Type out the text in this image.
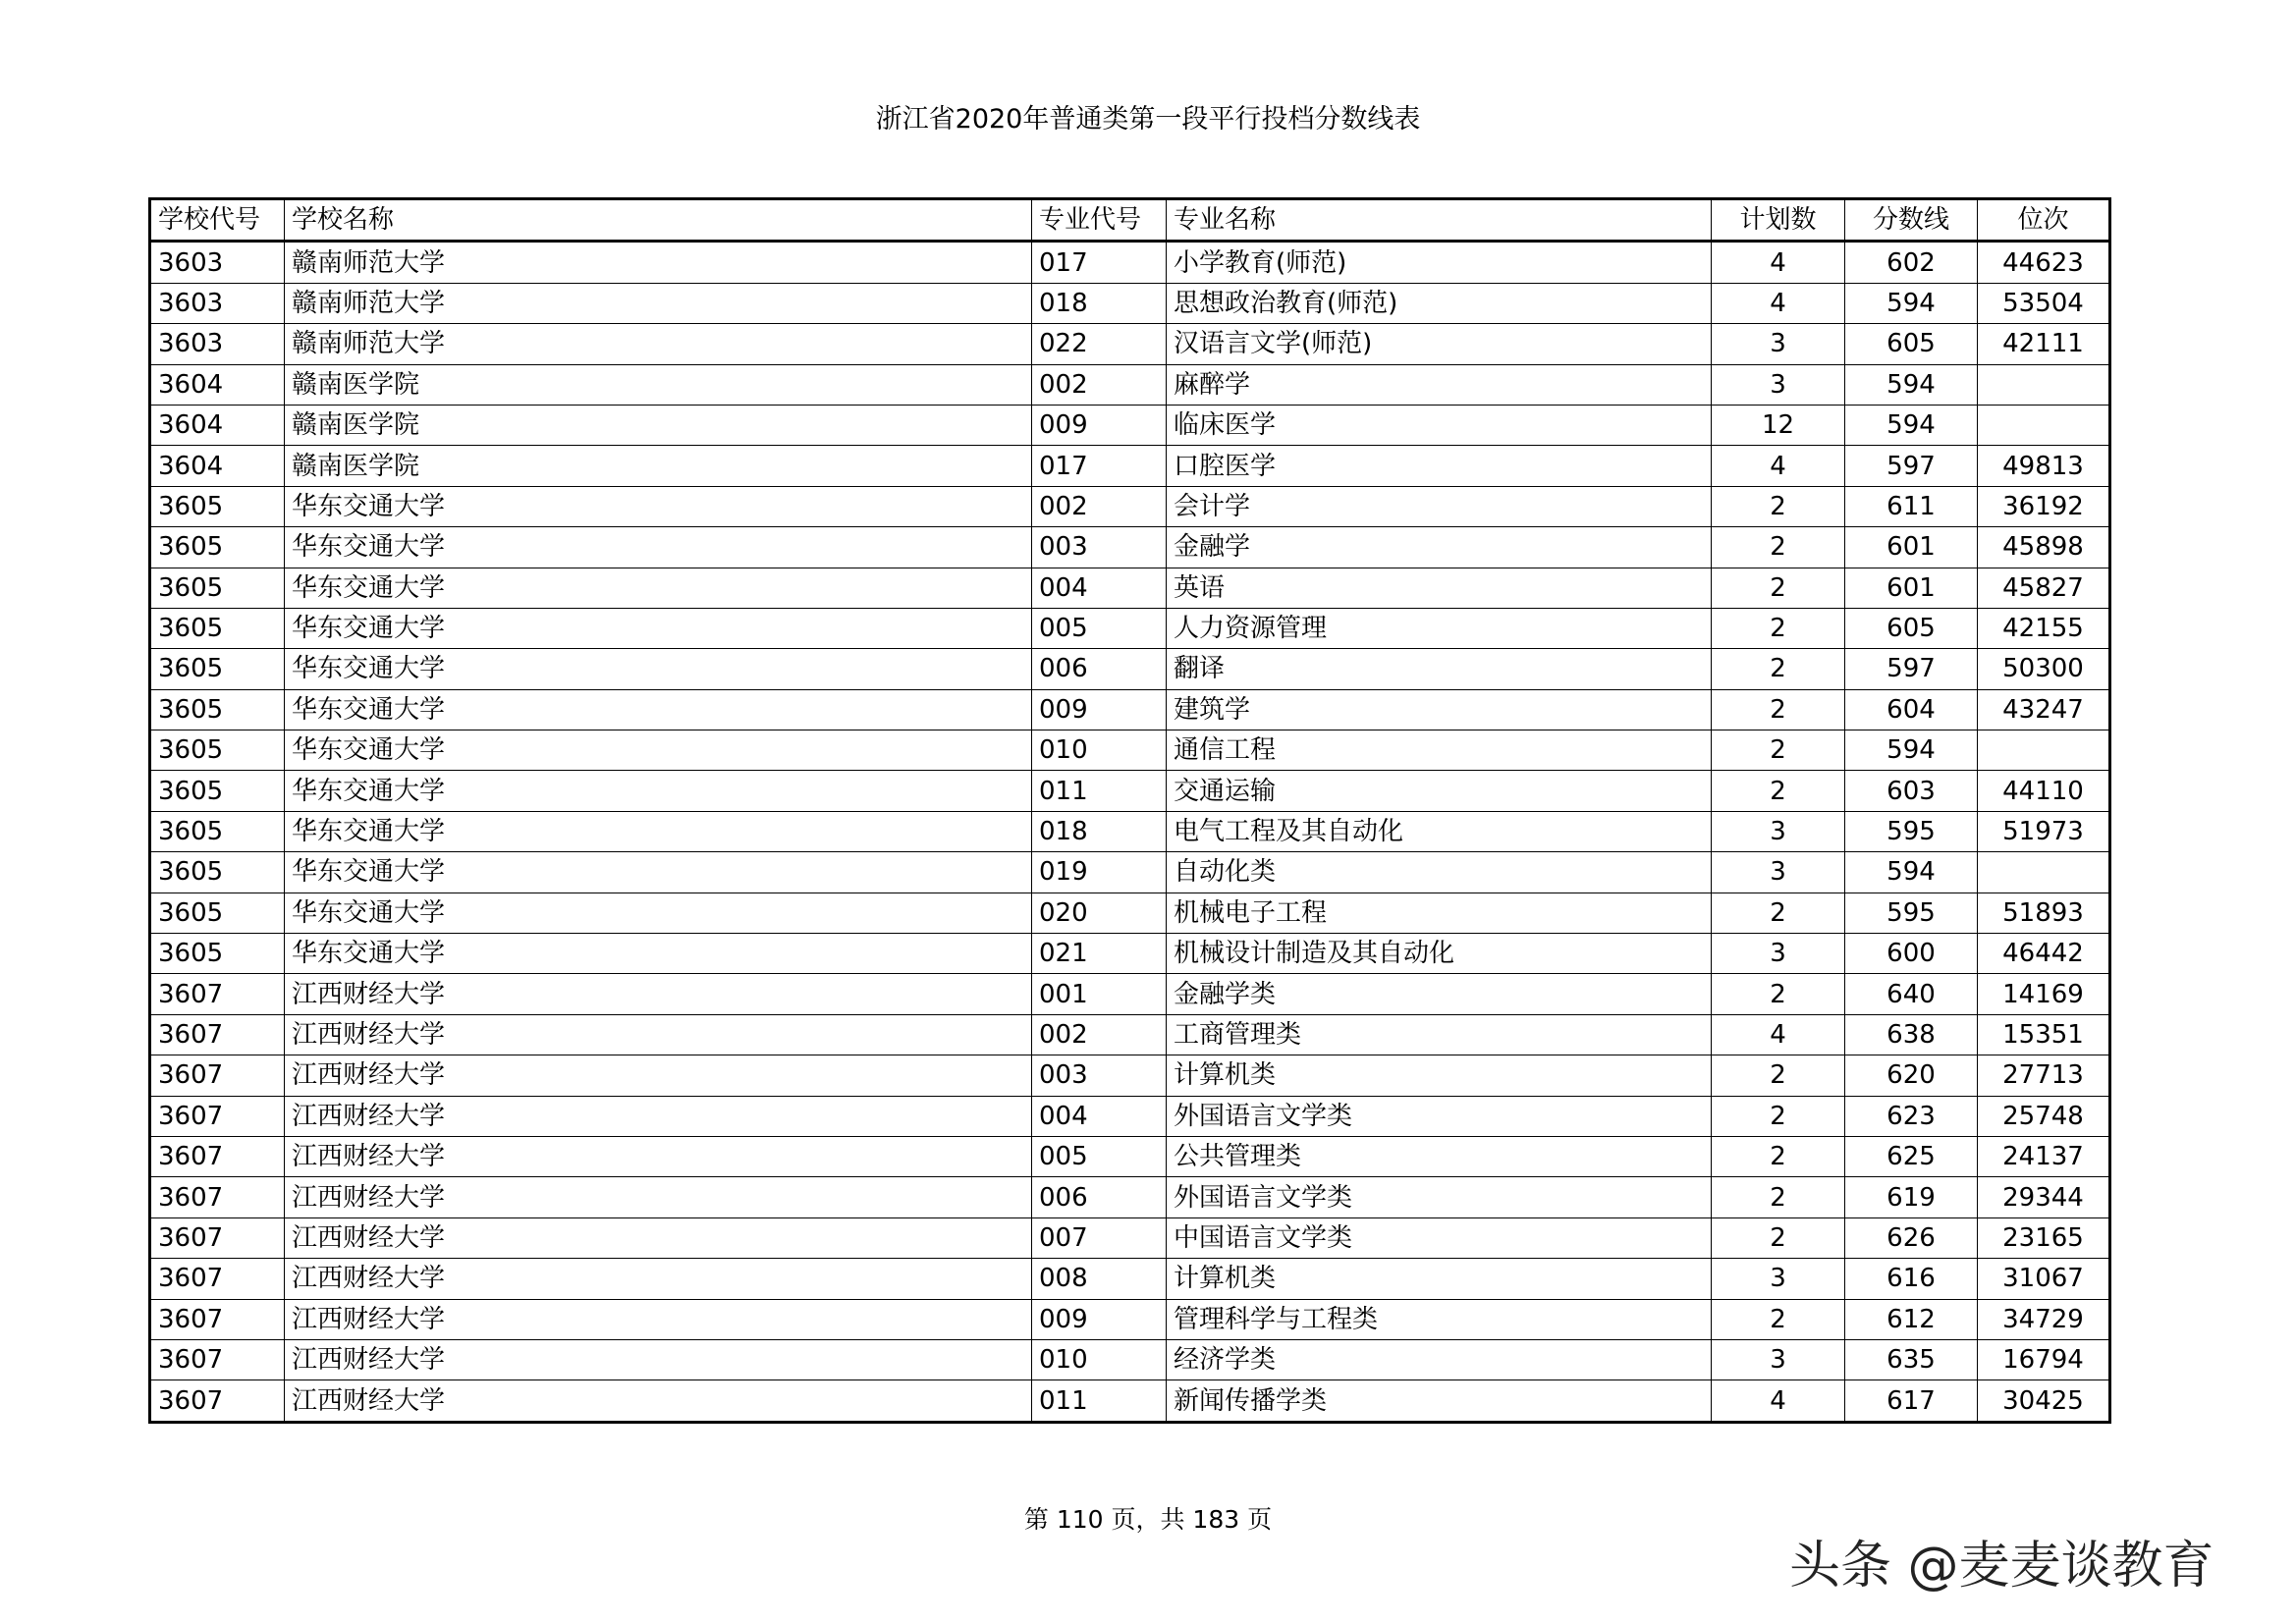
浙江省2020年普通类第一段平行投档分数线表
学校代号	学校名称	专业代号	专业名称	计划数	分数线	位次
3603	赣南师范大学	017	小学教育(师范)	4	602	44623
3603	赣南师范大学	018	思想政治教育(师范)	4	594	53504
3603	赣南师范大学	022	汉语言文学(师范)	3	605	42111
3604	赣南医学院	002	麻醉学	3	594	
3604	赣南医学院	009	临床医学	12	594	
3604	赣南医学院	017	口腔医学	4	597	49813
3605	华东交通大学	002	会计学	2	611	36192
3605	华东交通大学	003	金融学	2	601	45898
3605	华东交通大学	004	英语	2	601	45827
3605	华东交通大学	005	人力资源管理	2	605	42155
3605	华东交通大学	006	翻译	2	597	50300
3605	华东交通大学	009	建筑学	2	604	43247
3605	华东交通大学	010	通信工程	2	594	
3605	华东交通大学	011	交通运输	2	603	44110
3605	华东交通大学	018	电气工程及其自动化	3	595	51973
3605	华东交通大学	019	自动化类	3	594	
3605	华东交通大学	020	机械电子工程	2	595	51893
3605	华东交通大学	021	机械设计制造及其自动化	3	600	46442
3607	江西财经大学	001	金融学类	2	640	14169
3607	江西财经大学	002	工商管理类	4	638	15351
3607	江西财经大学	003	计算机类	2	620	27713
3607	江西财经大学	004	外国语言文学类	2	623	25748
3607	江西财经大学	005	公共管理类	2	625	24137
3607	江西财经大学	006	外国语言文学类	2	619	29344
3607	江西财经大学	007	中国语言文学类	2	626	23165
3607	江西财经大学	008	计算机类	3	616	31067
3607	江西财经大学	009	管理科学与工程类	2	612	34729
3607	江西财经大学	010	经济学类	3	635	16794
3607	江西财经大学	011	新闻传播学类	4	617	30425
第 110 页，共 183 页
头条 @麦麦谈教育
